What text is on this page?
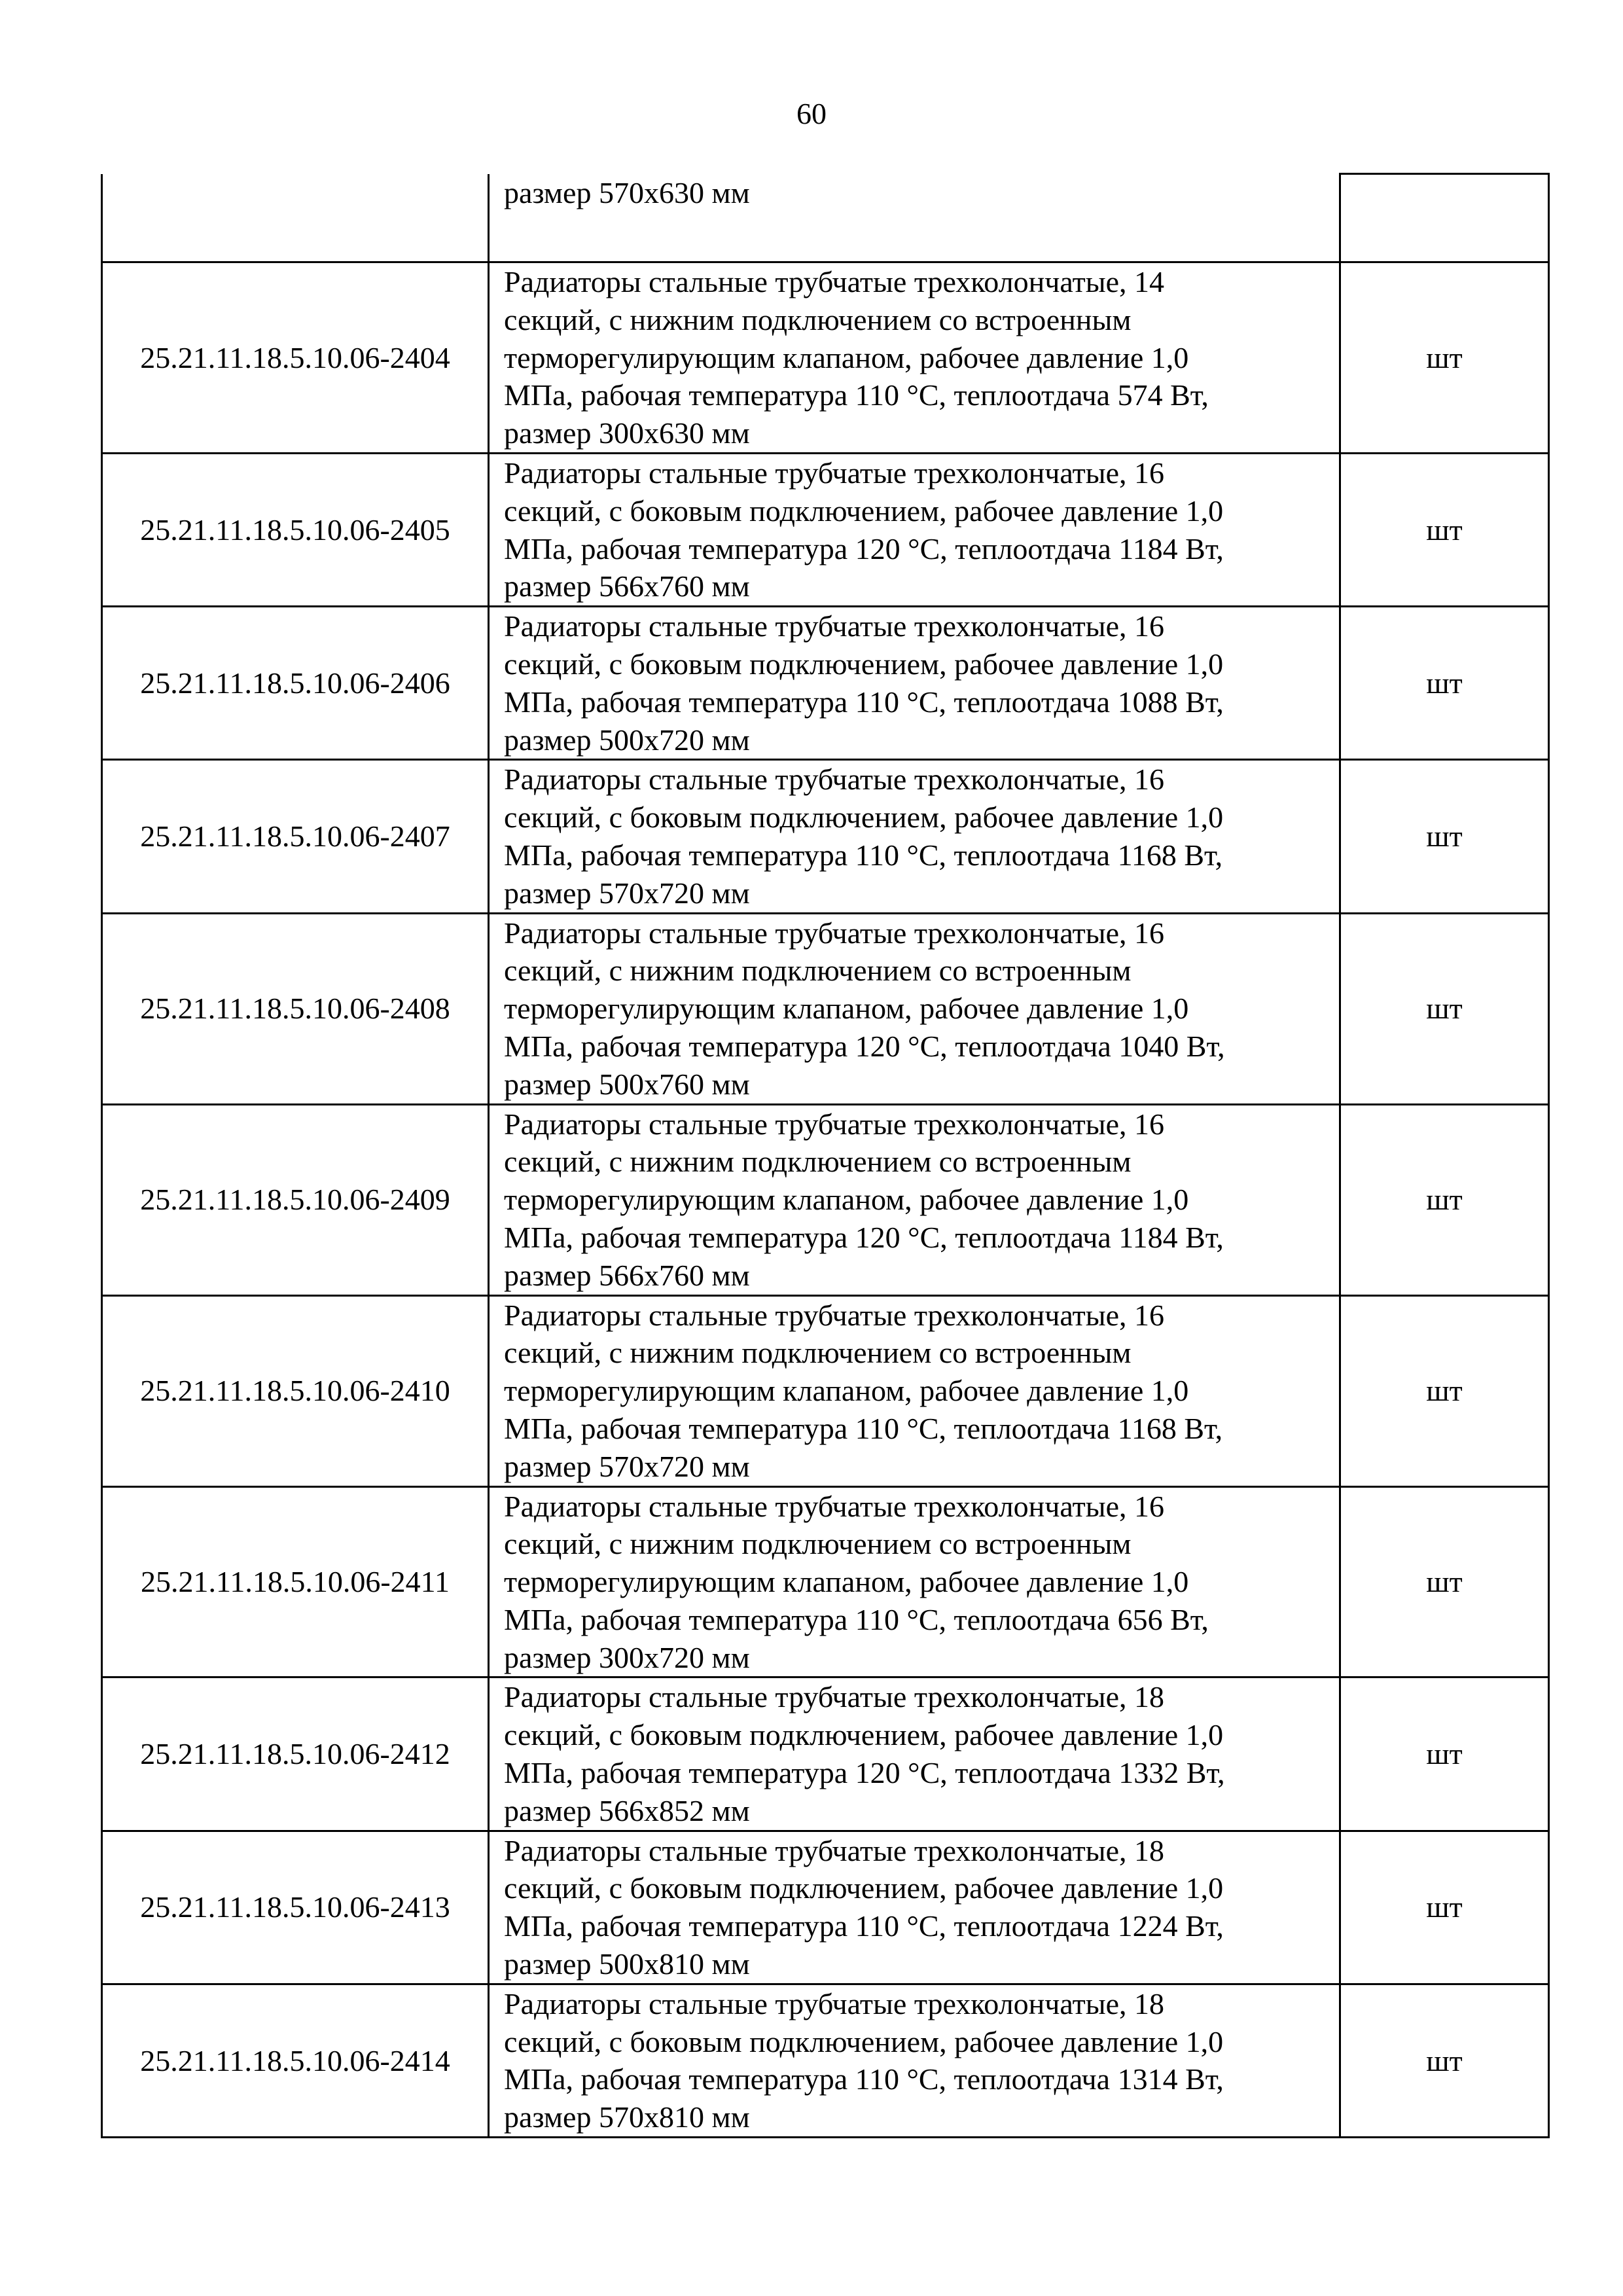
60
	размер 570х630 мм	
25.21.11.18.5.10.06-2404	Радиаторы стальные трубчатые трехколончатые, 14
секций, с нижним подключением со встроенным
терморегулирующим клапаном, рабочее давление 1,0
МПа, рабочая температура 110 °С, теплоотдача 574 Вт,
размер 300х630 мм	шт
25.21.11.18.5.10.06-2405	Радиаторы стальные трубчатые трехколончатые, 16
секций, с боковым подключением, рабочее давление 1,0
МПа, рабочая температура 120 °С, теплоотдача 1184 Вт,
размер 566х760 мм	шт
25.21.11.18.5.10.06-2406	Радиаторы стальные трубчатые трехколончатые, 16
секций, с боковым подключением, рабочее давление 1,0
МПа, рабочая температура 110 °С, теплоотдача 1088 Вт,
размер 500х720 мм	шт
25.21.11.18.5.10.06-2407	Радиаторы стальные трубчатые трехколончатые, 16
секций, с боковым подключением, рабочее давление 1,0
МПа, рабочая температура 110 °С, теплоотдача 1168 Вт,
размер 570х720 мм	шт
25.21.11.18.5.10.06-2408	Радиаторы стальные трубчатые трехколончатые, 16
секций, с нижним подключением со встроенным
терморегулирующим клапаном, рабочее давление 1,0
МПа, рабочая температура 120 °С, теплоотдача 1040 Вт,
размер 500х760 мм	шт
25.21.11.18.5.10.06-2409	Радиаторы стальные трубчатые трехколончатые, 16
секций, с нижним подключением со встроенным
терморегулирующим клапаном, рабочее давление 1,0
МПа, рабочая температура 120 °С, теплоотдача 1184 Вт,
размер 566х760 мм	шт
25.21.11.18.5.10.06-2410	Радиаторы стальные трубчатые трехколончатые, 16
секций, с нижним подключением со встроенным
терморегулирующим клапаном, рабочее давление 1,0
МПа, рабочая температура 110 °С, теплоотдача 1168 Вт,
размер 570х720 мм	шт
25.21.11.18.5.10.06-2411	Радиаторы стальные трубчатые трехколончатые, 16
секций, с нижним подключением со встроенным
терморегулирующим клапаном, рабочее давление 1,0
МПа, рабочая температура 110 °С, теплоотдача 656 Вт,
размер 300х720 мм	шт
25.21.11.18.5.10.06-2412	Радиаторы стальные трубчатые трехколончатые, 18
секций, с боковым подключением, рабочее давление 1,0
МПа, рабочая температура 120 °С, теплоотдача 1332 Вт,
размер 566х852 мм	шт
25.21.11.18.5.10.06-2413	Радиаторы стальные трубчатые трехколончатые, 18
секций, с боковым подключением, рабочее давление 1,0
МПа, рабочая температура 110 °С, теплоотдача 1224 Вт,
размер 500х810 мм	шт
25.21.11.18.5.10.06-2414	Радиаторы стальные трубчатые трехколончатые, 18
секций, с боковым подключением, рабочее давление 1,0
МПа, рабочая температура 110 °С, теплоотдача 1314 Вт,
размер 570х810 мм	шт
